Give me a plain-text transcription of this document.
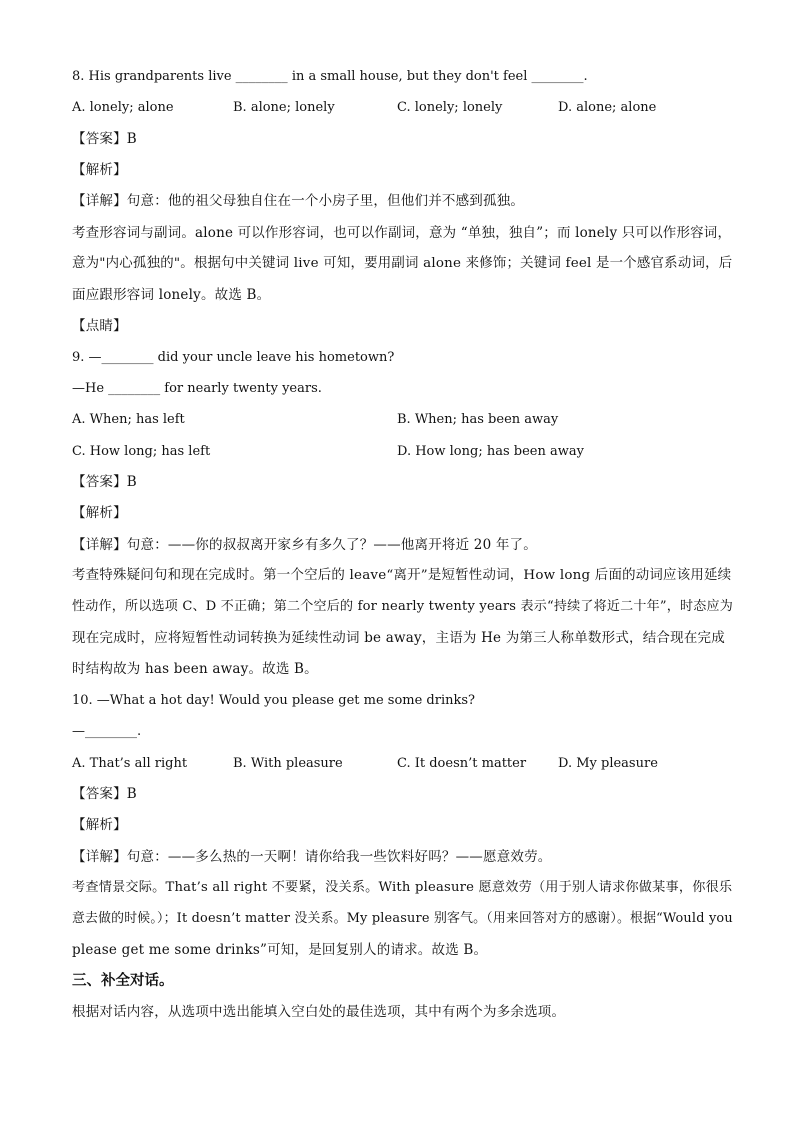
8. His grandparents live ________ in a small house, but they don't feel ________.
A. lonely; alone	B. alone; lonely	C. lonely; lonely	D. alone; alone
【答案】B
【解析】
【详解】句意：他的祖父母独自住在一个小房子里，但他们并不感到孤独。
考查形容词与副词。alone 可以作形容词，也可以作副词，意为 “单独，独自”；而 lonely 只可以作形容词，
意为"内心孤独的"。根据句中关键词 live 可知，要用副词 alone 来修饰；关键词 feel 是一个感官系动词，后
面应跟形容词 lonely。故选 B。
【点睛】
9. —________ did your uncle leave his hometown?
—He ________ for nearly twenty years.
A. When; has left	B. When; has been away
C. How long; has left	D. How long; has been away
【答案】B
【解析】
【详解】句意：——你的叔叔离开家乡有多久了？——他离开将近 20 年了。
考查特殊疑问句和现在完成时。第一个空后的 leave“离开”是短暂性动词，How long 后面的动词应该用延续
性动作，所以选项 C、D 不正确；第二个空后的 for nearly twenty years 表示“持续了将近二十年”，时态应为
现在完成时，应将短暂性动词转换为延续性动词 be away，主语为 He 为第三人称单数形式，结合现在完成
时结构故为 has been away。故选 B。
10. —What a hot day! Would you please get me some drinks?
—________.
A. That’s all right	B. With pleasure	C. It doesn’t matter D. My pleasure
【答案】B
【解析】
【详解】句意：——多么热的一天啊！请你给我一些饮料好吗？——愿意效劳。
考查情景交际。That’s all right 不要紧，没关系。With pleasure 愿意效劳（用于别人请求你做某事，你很乐
意去做的时候。）；It doesn’t matter 没关系。My pleasure 别客气。（用来回答对方的感谢）。根据“Would you
please get me some drinks”可知，是回复别人的请求。故选 B。
三、补全对话。
根据对话内容，从选项中选出能填入空白处的最佳选项，其中有两个为多余选项。
